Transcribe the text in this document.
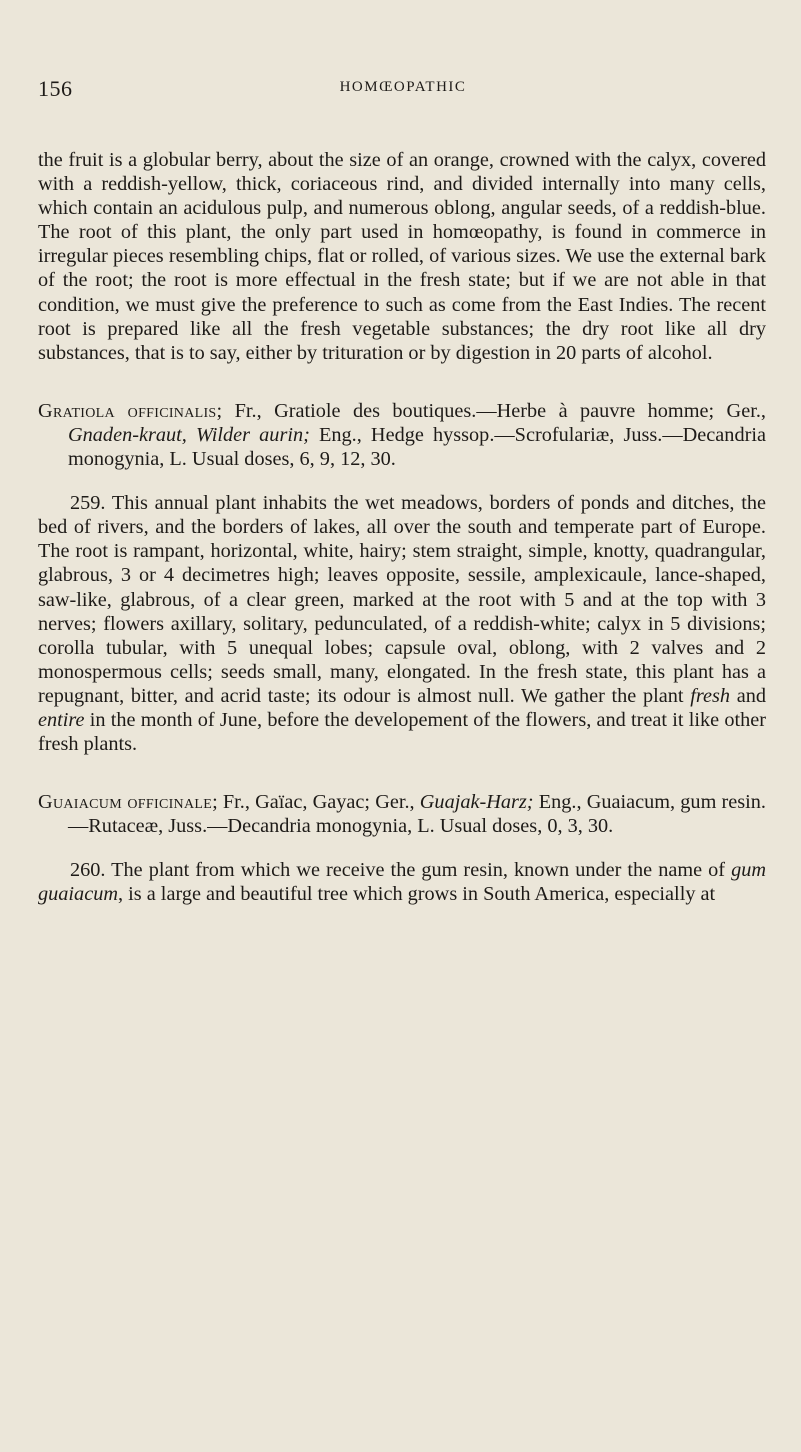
156	HOMŒOPATHIC

the fruit is a globular berry, about the size of an orange, crowned with the calyx, covered with a reddish-yellow, thick, coriaceous rind, and divided internally into many cells, which contain an acidulous pulp, and numerous oblong, angular seeds, of a reddish-blue. The root of this plant, the only part used in homœopathy, is found in commerce in irregular pieces resembling chips, flat or rolled, of various sizes. We use the external bark of the root; the root is more effectual in the fresh state; but if we are not able in that condition, we must give the preference to such as come from the East Indies. The recent root is prepared like all the fresh vegetable substances; the dry root like all dry substances, that is to say, either by trituration or by digestion in 20 parts of alcohol.

Gratiola officinalis; Fr., Gratiole des boutiques.—Herbe à pauvre homme; Ger., Gnaden-kraut, Wilder aurin; Eng., Hedge hyssop.—Scrofulariæ, Juss.—Decandria monogynia, L. Usual doses, 6, 9, 12, 30.

259. This annual plant inhabits the wet meadows, borders of ponds and ditches, the bed of rivers, and the borders of lakes, all over the south and temperate part of Europe. The root is rampant, horizontal, white, hairy; stem straight, simple, knotty, quadrangular, glabrous, 3 or 4 decimetres high; leaves opposite, sessile, amplexicaule, lance-shaped, saw-like, glabrous, of a clear green, marked at the root with 5 and at the top with 3 nerves; flowers axillary, solitary, pedunculated, of a reddish-white; calyx in 5 divisions; corolla tubular, with 5 unequal lobes; capsule oval, oblong, with 2 valves and 2 monospermous cells; seeds small, many, elongated. In the fresh state, this plant has a repugnant, bitter, and acrid taste; its odour is almost null. We gather the plant fresh and entire in the month of June, before the developement of the flowers, and treat it like other fresh plants.

Guaiacum officinale; Fr., Gaïac, Gayac; Ger., Guajak-Harz; Eng., Guaiacum, gum resin.—Rutaceæ, Juss.—Decandria monogynia, L. Usual doses, 0, 3, 30.

260. The plant from which we receive the gum resin, known under the name of gum guaiacum, is a large and beautiful tree which grows in South America, especially at
